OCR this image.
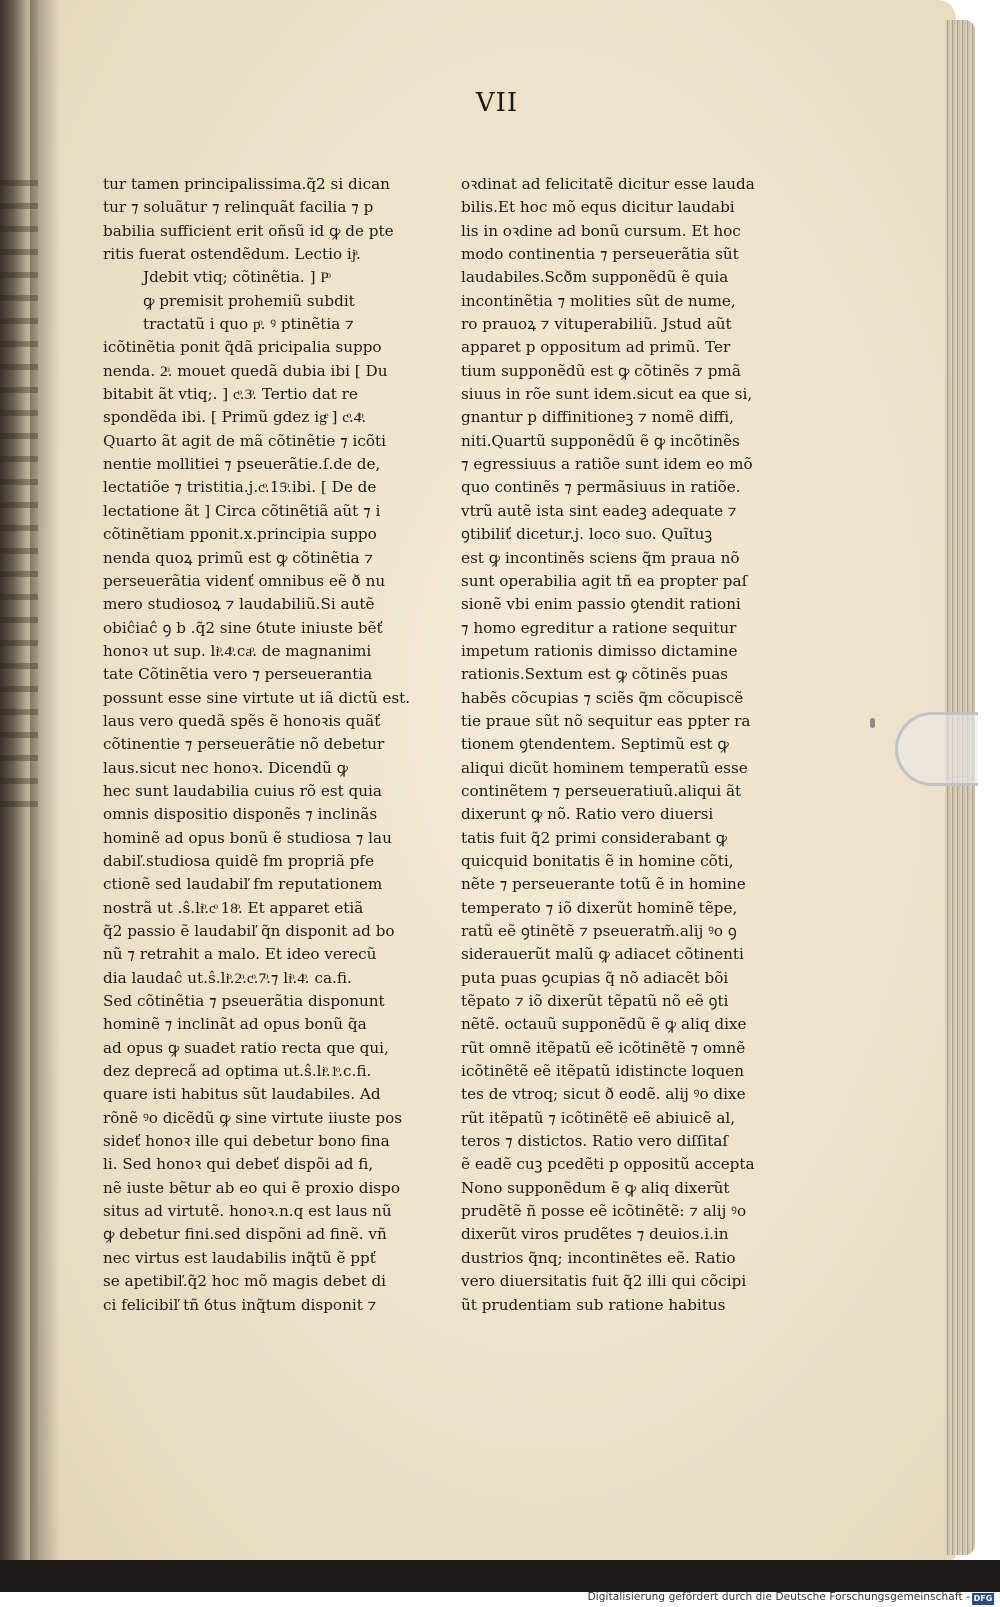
VII
tur tamen principalissima.q̃2 si dican
tur ⁊ soluãtur ⁊ relinquãt facilia ⁊ p
babilia sufficient erit oñsũ id ꝙ de pte
ritis fuerat ostendẽdum. Lectio ijͣ.
Jdebit vtiq; cõtinẽtia. ] Pͦ
ꝙ premisit prohemiũ subdit
tractatũ i quo pͦ. ꝰ ptinẽtia ⁊
icõtinẽtia ponit q̃dã pricipalia suppo
nenda. 2ͦ. mouet quedã dubia ibi [ Du
bitabit ãt vtiq;. ] cͦ.3ͦ. Tertio dat re
spondẽda ibi. [ Primũ gdez igͤ ] cͦ.4ͦ.
Quarto ãt agit de mã cõtinẽtie ⁊ icõti
nentie mollitiei ⁊ pseuerãtie.ſ.de de,
lectatiõe ⁊ tristitia.j.cͦ.15ͦ.ibi. [ De de
lectatione ãt ] Circa cõtinẽtiã aũt ⁊ i
cõtinẽtiam pponit.x.principia suppo
nenda quoꝝ primũ est ꝙ cõtinẽtia ⁊
perseuerãtia videnť omnibus eẽ ð nu
mero studiosoꝝ ⁊ laudabiliũ.Si autẽ
obiĉiaĉ ꝯ b .q̃2 sine ỽtute iniuste bẽť
honoꝛ ut sup. liͦ.4ͦ.caͦ. de magnanimi
tate Cõtinẽtia vero ⁊ perseuerantia
possunt esse sine virtute ut iã dictũ est.
laus vero quedã spẽs ẽ honoꝛis quãť
cõtinentie ⁊ perseuerãtie nõ debetur
laus.sicut nec honoꝛ. Dicendũ ꝙ
hec sunt laudabilia cuius rõ est quia
omnis dispositio disponẽs ⁊ inclinãs
hominẽ ad opus bonũ ẽ studiosa ⁊ lau
dabiľ.studiosa quidẽ fm propriã pfe
ctionẽ sed laudabiľ fm reputationem
nostrã ut .ŝ.liͦ.cͦ 18ͦ. Et apparet etiã
q̃2 passio ẽ laudabiľ q̃n disponit ad bo
nũ ⁊ retrahit a malo. Et ideo verecũ
dia laudaĉ ut.ŝ.liͦ.2ͦ.cͦ.7ͦ.⁊ liͦ.4ͦ. ca.fi.
Sed cõtinẽtia ⁊ pseuerãtia disponunt
hominẽ ⁊ inclinãt ad opus bonũ q̃a
ad opus ꝙ suadet ratio recta que qui,
dez depreca̋ ad optima ut.ŝ.liͦ.1ͦ.c.fi.
quare isti habitus sũt laudabiles. Ad
rõnẽ ꝰo dicẽdũ ꝙ sine virtute iiuste pos
sideť honoꝛ ille qui debetur bono fina
li. Sed honoꝛ qui debeť dispõi ad fi,
nẽ iuste bẽtur ab eo qui ẽ proxio dispo
situs ad virtutẽ. honoꝛ.n.q est laus nũ
ꝙ debetur fini.sed dispõni ad finẽ. vñ
nec virtus est laudabilis inq̃tũ ẽ ppť
se apetibiľ.q̃2 hoc mõ magis debet di
ci felicibiľ tñ ỽtus inq̃tum disponit ⁊
oꝛdinat ad felicitatẽ dicitur esse lauda
bilis.Et hoc mõ equs dicitur laudabi
lis in oꝛdine ad bonũ cursum. Et hoc
modo continentia ⁊ perseuerãtia sũt
laudabiles.Scðm supponẽdũ ẽ quia
incontinẽtia ⁊ molities sũt de nume,
ro prauoꝝ ⁊ vituperabiliũ. Jstud aũt
apparet p oppositum ad primũ. Ter
tium supponẽdũ est ꝙ cõtinẽs ⁊ pmã
siuus in rõe sunt idem.sicut ea que si,
gnantur p diffinitioneꝫ ⁊ nomẽ diffi,
niti.Quartũ supponẽdũ ẽ ꝙ incõtinẽs
⁊ egressiuus a ratiõe sunt idem eo mõ
quo continẽs ⁊ permãsiuus in ratiõe.
vtrũ autẽ ista sint eadeꝫ adequate ⁊
ꝯtibiliť dicetur.j. loco suo. Quĩtuꝫ
est ꝙ incontinẽs sciens q̃m praua nõ
sunt operabilia agit tñ ea propter paſ
sionẽ vbi enim passio ꝯtendit rationi
⁊ homo egreditur a ratione sequitur
impetum rationis dimisso dictamine
rationis.Sextum est ꝙ cõtinẽs puas
habẽs cõcupias ⁊ sciẽs q̃m cõcupiscẽ
tie praue sũt nõ sequitur eas ppter ra
tionem ꝯtendentem. Septimũ est ꝙ
aliqui dicũt hominem temperatũ esse
continẽtem ⁊ perseueratiuũ.aliqui ãt
dixerunt ꝙ nõ. Ratio vero diuersi
tatis fuit q̃2 primi considerabant ꝙ
quicquid bonitatis ẽ in homine cõti,
nẽte ⁊ perseuerante totũ ẽ in homine
temperato ⁊ iõ dixerũt hominẽ tẽpe,
ratũ eẽ ꝯtinẽtẽ ⁊ pseueratm̃.alij ꝰo ꝯ
siderauerũt malũ ꝙ adiacet cõtinenti
puta puas ꝯcupias q̃ nõ adiacẽt bõi
tẽpato ⁊ iõ dixerũt tẽpatũ nõ eẽ ꝯti
nẽtẽ. octauũ supponẽdũ ẽ ꝙ aliq dixe
rũt omnẽ itẽpatũ eẽ icõtinẽtẽ ⁊ omnẽ
icõtinẽtẽ eẽ itẽpatũ idistincte loquen
tes de vtroq; sicut ð eodẽ. alij ꝰo dixe
rũt itẽpatũ ⁊ icõtinẽtẽ eẽ abiuicẽ al,
teros ⁊ distictos. Ratio vero diſſitaſ
ẽ eadẽ cuꝫ pcedẽti p oppositũ accepta
Nono supponẽdum ẽ ꝙ aliq dixerũt
prudẽtẽ ñ posse eẽ icõtinẽtẽ: ⁊ alij ꝰo
dixerũt viros prudẽtes ⁊ deuios.i.in
dustrios q̃nq; incontinẽtes eẽ. Ratio
vero diuersitatis fuit q̃2 illi qui cõcipi
ũt prudentiam sub ratione habitus
Digitalisierung gefördert durch die Deutsche Forschungsgemeinschaft - DFG
